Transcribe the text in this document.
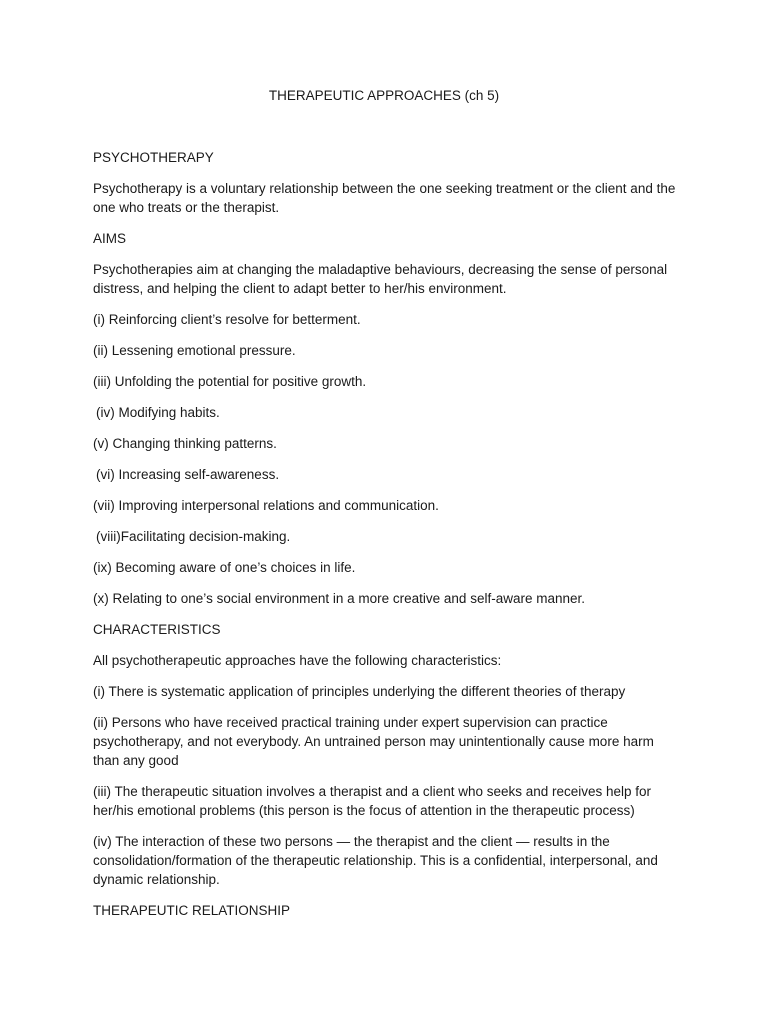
THERAPEUTIC APPROACHES (ch 5)

PSYCHOTHERAPY

Psychotherapy is a voluntary relationship between the one seeking treatment or the client and the one who treats or the therapist.

AIMS

Psychotherapies aim at changing the maladaptive behaviours, decreasing the sense of personal distress, and helping the client to adapt better to her/his environment.

(i) Reinforcing client’s resolve for betterment.

(ii) Lessening emotional pressure.

(iii) Unfolding the potential for positive growth.

(iv) Modifying habits.

(v) Changing thinking patterns.

(vi) Increasing self-awareness.

(vii) Improving interpersonal relations and communication.

(viii)Facilitating decision-making.

(ix) Becoming aware of one’s choices in life.

(x) Relating to one’s social environment in a more creative and self-aware manner.

CHARACTERISTICS

All psychotherapeutic approaches have the following characteristics:

(i) There is systematic application of principles underlying the different theories of therapy

(ii) Persons who have received practical training under expert supervision can practice psychotherapy, and not everybody. An untrained person may unintentionally cause more harm than any good

(iii) The therapeutic situation involves a therapist and a client who seeks and receives help for her/his emotional problems (this person is the focus of attention in the therapeutic process)

(iv) The interaction of these two persons — the therapist and the client — results in the consolidation/formation of the therapeutic relationship. This is a confidential, interpersonal, and dynamic relationship.

THERAPEUTIC RELATIONSHIP
